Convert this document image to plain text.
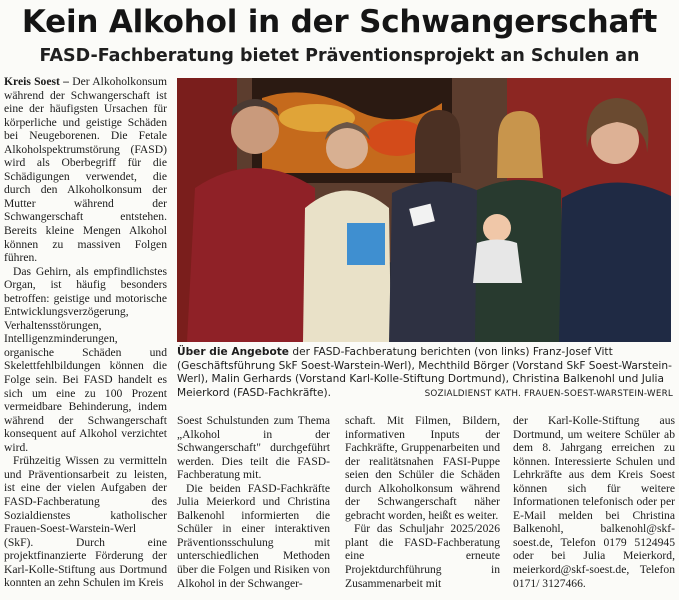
Kein Alkohol in der Schwangerschaft
FASD-Fachberatung bietet Präventionsprojekt an Schulen an

Kreis Soest – Der Alkoholkonsum während der Schwangerschaft ist eine der häufigsten Ursachen für körperliche und geistige Schäden bei Neugeborenen. Die Fetale Alkoholspektrumstörung (FASD) wird als Oberbegriff für die Schädigungen verwendet, die durch den Alkoholkonsum der Mutter während der Schwangerschaft entstehen. Bereits kleine Mengen Alkohol können zu massiven Folgen führen.

Das Gehirn, als empfindlichstes Organ, ist häufig besonders betroffen: geistige und motorische Entwicklungsverzögerung, Verhaltensstörungen, Intelligenzminderungen, organische Schäden und Skelettfehlbildungen können die Folge sein. Bei FASD handelt es sich um eine zu 100 Prozent vermeidbare Behinderung, indem während der Schwangerschaft konsequent auf Alkohol verzichtet wird.

Frühzeitig Wissen zu vermitteln und Präventionsarbeit zu leisten, ist eine der vielen Aufgaben der FASD-Fachberatung des Sozialdienstes katholischer Frauen-Soest-Warstein-Werl (SkF). Durch eine projektfinanzierte Förderung der Karl-Kolle-Stiftung aus Dortmund konnten an zehn Schulen im Kreis

Über die Angebote der FASD-Fachberatung berichten (von links) Franz-Josef Vitt (Geschäftsführung SkF Soest-Warstein-Werl), Mechthild Börger (Vorstand SkF Soest-Warstein-Werl), Malin Gerhards (Vorstand Karl-Kolle-Stiftung Dortmund), Christina Balkenohl und Julia Meierkord (FASD-Fachkräfte).	SOZIALDIENST KATH. FRAUEN-SOEST-WARSTEIN-WERL

Soest Schulstunden zum Thema „Alkohol in der Schwangerschaft" durchgeführt werden. Dies teilt die FASD-Fachberatung mit.

Die beiden FASD-Fachkräfte Julia Meierkord und Christina Balkenohl informierten die Schüler in einer interaktiven Präventionsschulung mit unterschiedlichen Methoden über die Folgen und Risiken von Alkohol in der Schwanger-

schaft. Mit Filmen, Bildern, informativen Inputs der Fachkräfte, Gruppenarbeiten und der realitätsnahen FASI-Puppe seien den Schüler die Schäden durch Alkoholkonsum während der Schwangerschaft näher gebracht worden, heißt es weiter.

Für das Schuljahr 2025/2026 plant die FASD-Fachberatung eine erneute Projektdurchführung in Zusammenarbeit mit

der Karl-Kolle-Stiftung aus Dortmund, um weitere Schüler ab dem 8. Jahrgang erreichen zu können. Interessierte Schulen und Lehrkräfte aus dem Kreis Soest können sich für weitere Informationen telefonisch oder per E-Mail melden bei Christina Balkenohl, balkenohl@skf-soest.de, Telefon 0179 5124945 oder bei Julia Meierkord, meierkord@skf-soest.de, Telefon 0171/ 3127466.
